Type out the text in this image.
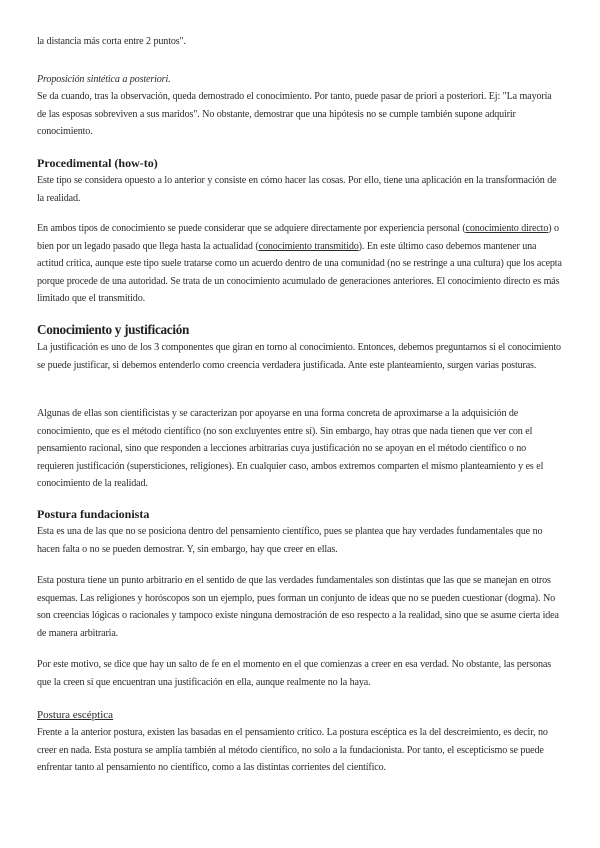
la distancia más corta entre 2 puntos".

Proposición sintética a posteriori.

Se da cuando, tras la observación, queda demostrado el conocimiento. Por tanto, puede pasar de priori a posteriori. Ej: "La mayoría de las esposas sobreviven a sus maridos". No obstante, demostrar que una hipótesis no se cumple también supone adquirir conocimiento.

Procedimental (how-to)

Este tipo se considera opuesto a lo anterior y consiste en cómo hacer las cosas. Por ello, tiene una aplicación en la transformación de la realidad.

En ambos tipos de conocimiento se puede considerar que se adquiere directamente por experiencia personal (conocimiento directo) o bien por un legado pasado que llega hasta la actualidad (conocimiento transmitido). En este último caso debemos mantener una actitud crítica, aunque este tipo suele tratarse como un acuerdo dentro de una comunidad (no se restringe a una cultura) que los acepta porque procede de una autoridad. Se trata de un conocimiento acumulado de generaciones anteriores. El conocimiento directo es más limitado que el transmitido.

Conocimiento y justificación

La justificación es uno de los 3 componentes que giran en torno al conocimiento. Entonces, debemos preguntarnos si el conocimiento se puede justificar, si debemos entenderlo como creencia verdadera justificada. Ante este planteamiento, surgen varias posturas.

Algunas de ellas son cientificistas y se caracterizan por apoyarse en una forma concreta de aproximarse a la adquisición de conocimiento, que es el método científico (no son excluyentes entre sí). Sin embargo, hay otras que nada tienen que ver con el pensamiento racional, sino que responden a lecciones arbitrarias cuya justificación no se apoyan en el método científico o no requieren justificación (supersticiones, religiones). En cualquier caso, ambos extremos comparten el mismo planteamiento y es el conocimiento de la realidad.

Postura fundacionista

Esta es una de las que no se posiciona dentro del pensamiento científico, pues se plantea que hay verdades fundamentales que no hacen falta o no se pueden demostrar. Y, sin embargo, hay que creer en ellas.

Esta postura tiene un punto arbitrario en el sentido de que las verdades fundamentales son distintas que las que se manejan en otros esquemas. Las religiones y horóscopos son un ejemplo, pues forman un conjunto de ideas que no se pueden cuestionar (dogma). No son creencias lógicas o racionales y tampoco existe ninguna demostración de eso respecto a la realidad, sino que se asume cierta idea de manera arbitraria.

Por este motivo, se dice que hay un salto de fe en el momento en el que comienzas a creer en esa verdad. No obstante, las personas que la creen sí que encuentran una justificación en ella, aunque realmente no la haya.

Postura escéptica

Frente a la anterior postura, existen las basadas en el pensamiento crítico. La postura escéptica es la del descreimiento, es decir, no creer en nada. Esta postura se amplía también al método científico, no solo a la fundacionista. Por tanto, el escepticismo se puede enfrentar tanto al pensamiento no científico, como a las distintas corrientes del científico.
